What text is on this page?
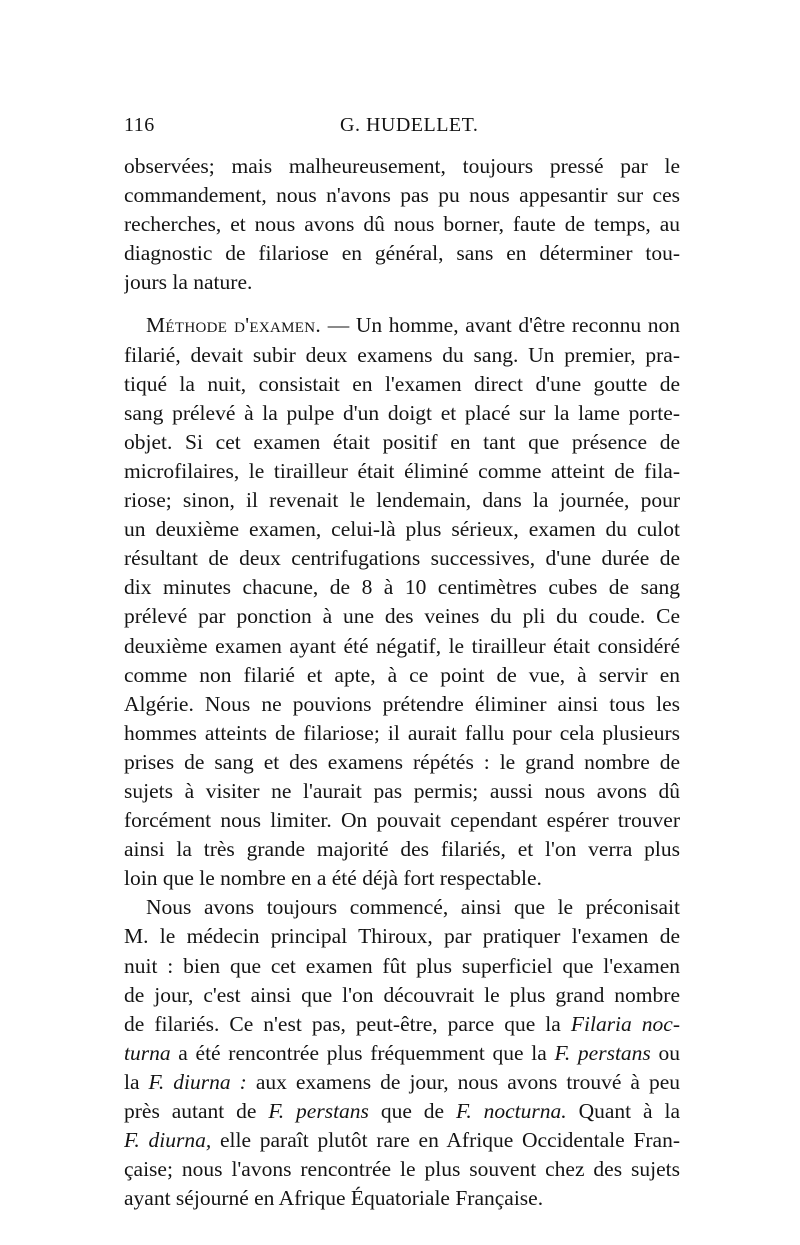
116	G. HUDELLET.
observées; mais malheureusement, toujours pressé par le
commandement, nous n'avons pas pu nous appesantir sur ces
recherches, et nous avons dû nous borner, faute de temps, au
diagnostic de filariose en général, sans en déterminer tou-
jours la nature.
Méthode d'examen. — Un homme, avant d'être reconnu non
filarié, devait subir deux examens du sang. Un premier, pra-
tiqué la nuit, consistait en l'examen direct d'une goutte de
sang prélevé à la pulpe d'un doigt et placé sur la lame porte-
objet. Si cet examen était positif en tant que présence de
microfilaires, le tirailleur était éliminé comme atteint de fila-
riose; sinon, il revenait le lendemain, dans la journée, pour
un deuxième examen, celui-là plus sérieux, examen du culot
résultant de deux centrifugations successives, d'une durée de
dix minutes chacune, de 8 à 10 centimètres cubes de sang
prélevé par ponction à une des veines du pli du coude. Ce
deuxième examen ayant été négatif, le tirailleur était considéré
comme non filarié et apte, à ce point de vue, à servir en
Algérie. Nous ne pouvions prétendre éliminer ainsi tous les
hommes atteints de filariose; il aurait fallu pour cela plusieurs
prises de sang et des examens répétés : le grand nombre de
sujets à visiter ne l'aurait pas permis; aussi nous avons dû
forcément nous limiter. On pouvait cependant espérer trouver
ainsi la très grande majorité des filariés, et l'on verra plus
loin que le nombre en a été déjà fort respectable.
Nous avons toujours commencé, ainsi que le préconisait
M. le médecin principal Thiroux, par pratiquer l'examen de
nuit : bien que cet examen fût plus superficiel que l'examen
de jour, c'est ainsi que l'on découvrait le plus grand nombre
de filariés. Ce n'est pas, peut-être, parce que la Filaria noc-
turna a été rencontrée plus fréquemment que la F. perstans ou
la F. diurna : aux examens de jour, nous avons trouvé à peu
près autant de F. perstans que de F. nocturna. Quant à la
F. diurna, elle paraît plutôt rare en Afrique Occidentale Fran-
çaise; nous l'avons rencontrée le plus souvent chez des sujets
ayant séjourné en Afrique Équatoriale Française.
